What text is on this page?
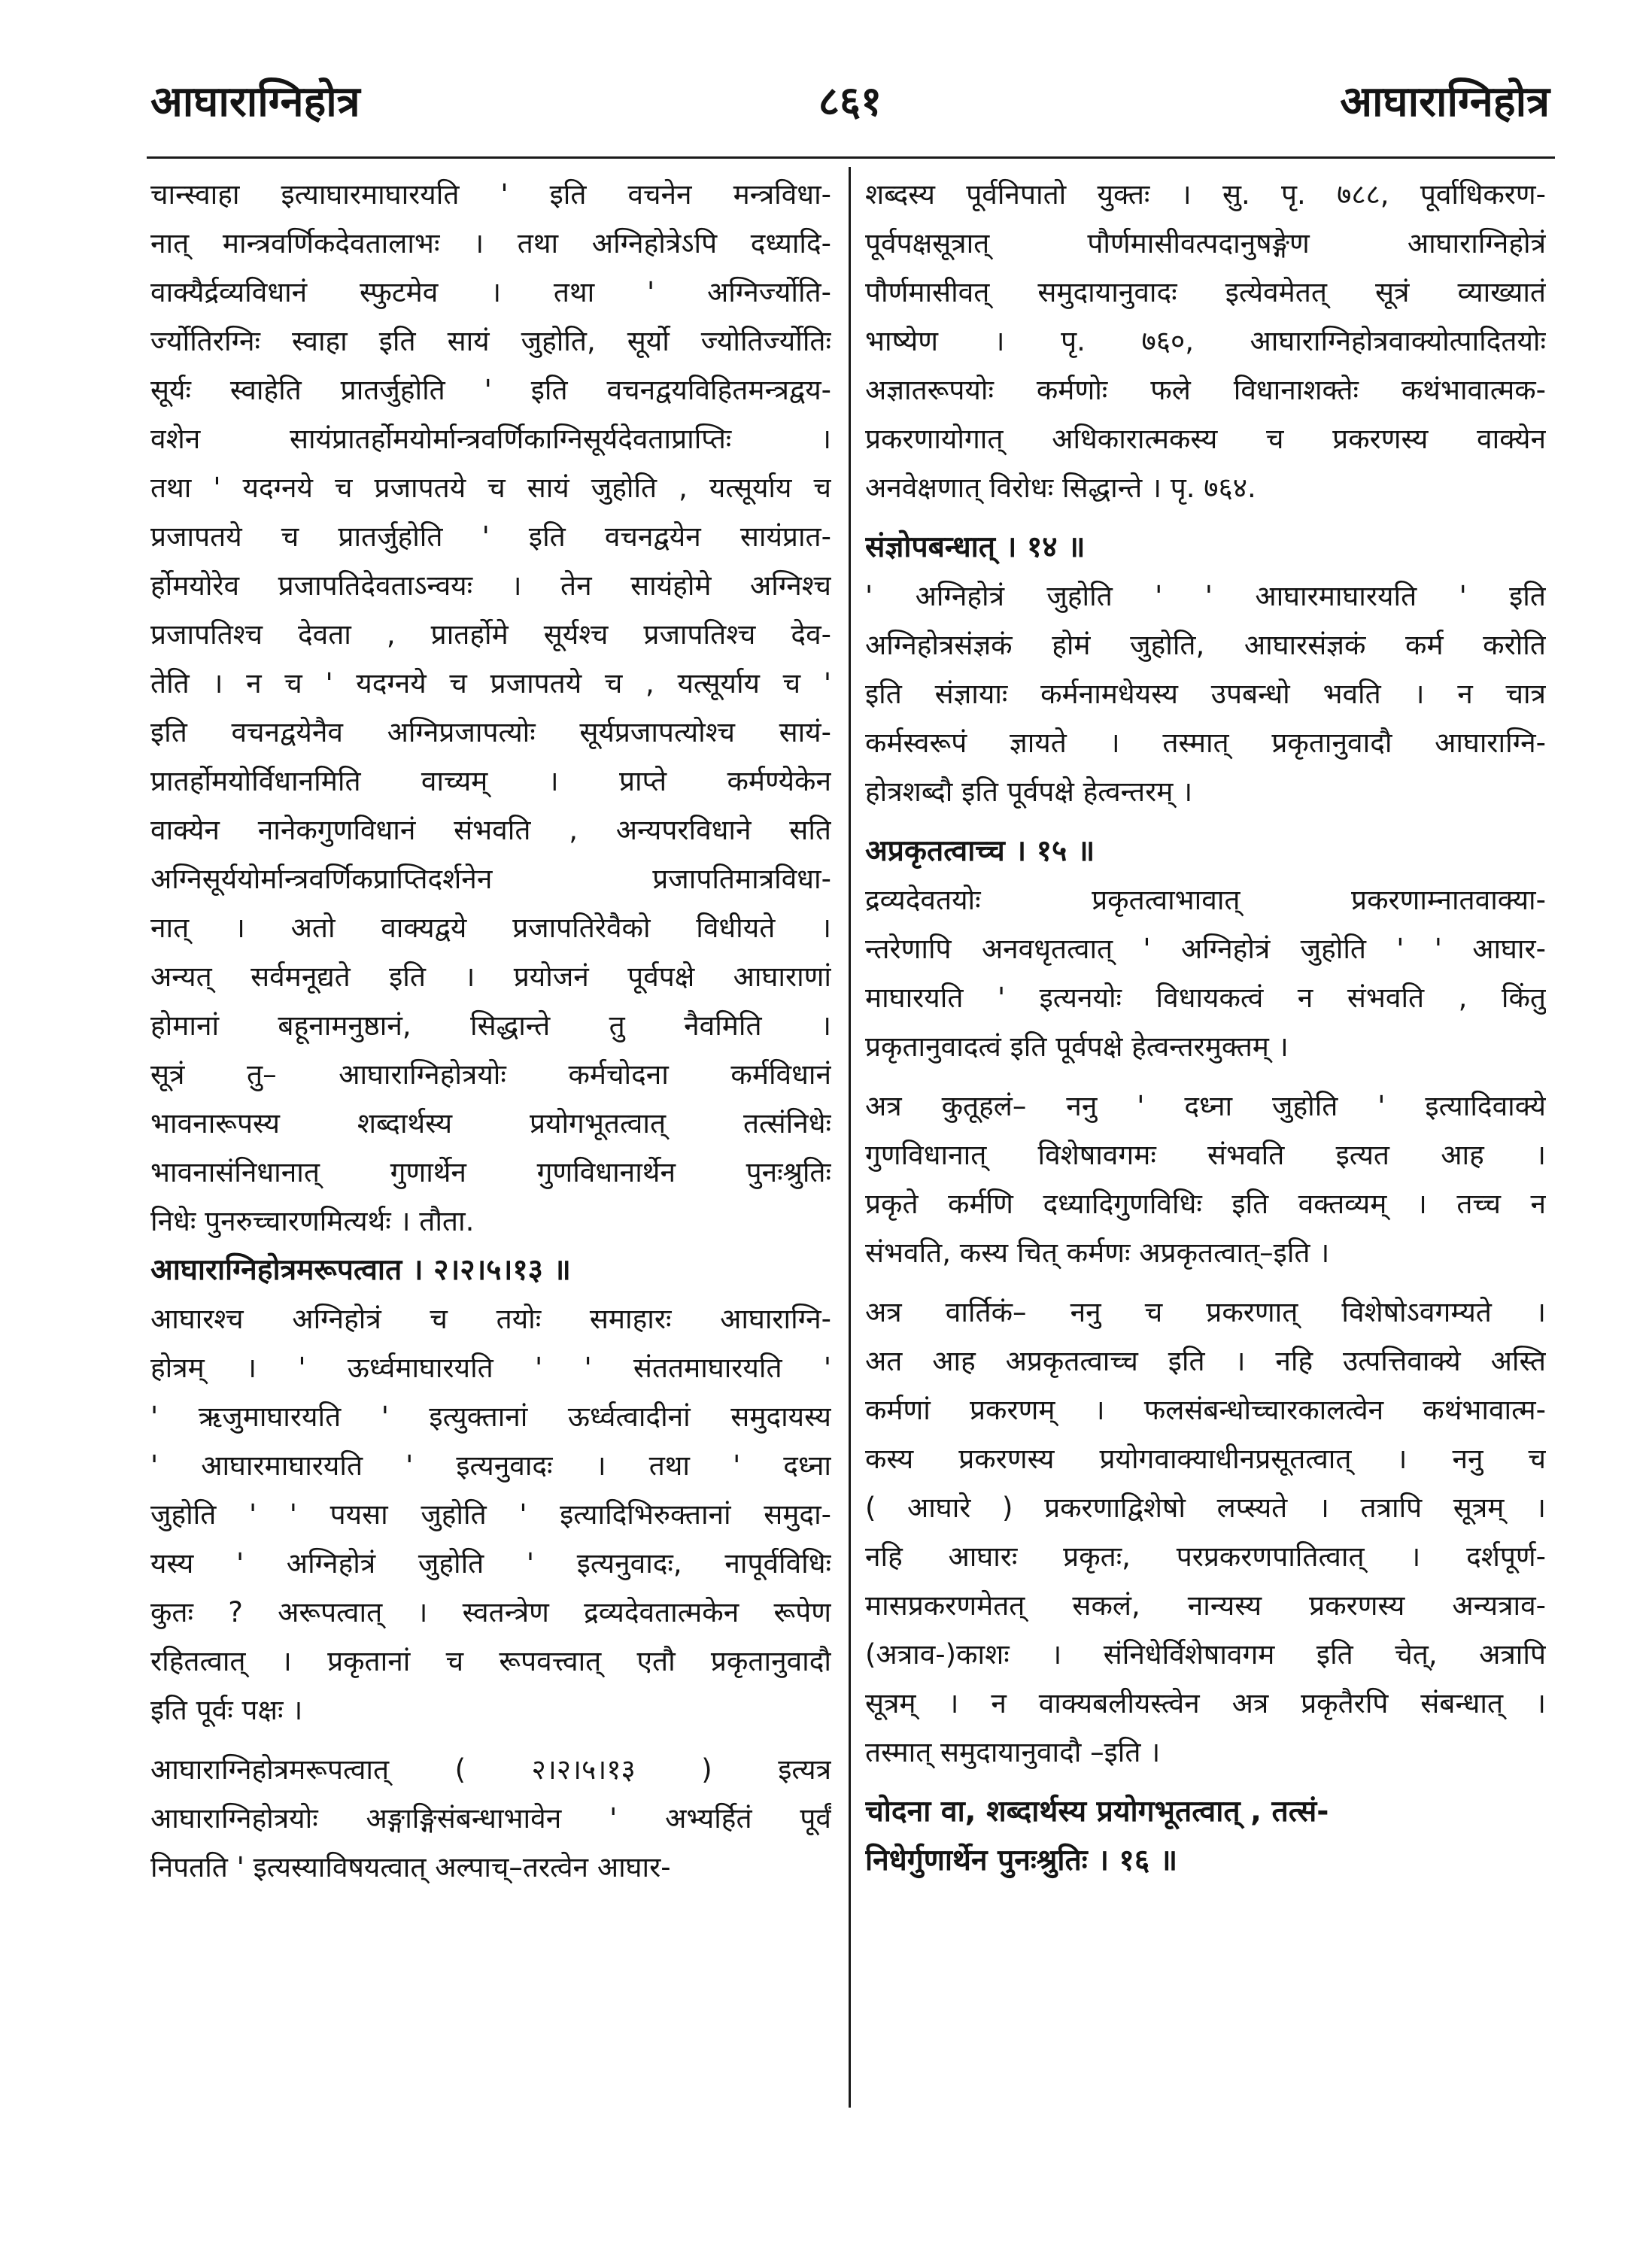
आघाराग्निहोत्र	८६१	आघाराग्निहोत्र
चान्स्वाहा इत्याघारमाघारयति ' इति वचनेन मन्त्रविधा-
नात् मान्त्रवर्णिकदेवतालाभः । तथा अग्निहोत्रेऽपि दध्यादि-
वाक्यैर्द्रव्यविधानं स्फुटमेव । तथा ' अग्निर्ज्योति-
र्ज्योतिरग्निः स्वाहा इति सायं जुहोति, सूर्यो ज्योतिर्ज्योतिः
सूर्यः स्वाहेति प्रातर्जुहोति ' इति वचनद्वयविहितमन्त्रद्वय-
वशेन सायंप्रातर्होमयोर्मान्त्रवर्णिकाग्निसूर्यदेवताप्राप्तिः ।
तथा ' यदग्नये च प्रजापतये च सायं जुहोति , यत्सूर्याय च
प्रजापतये च प्रातर्जुहोति ' इति वचनद्वयेन सायंप्रात-
र्होमयोरेव प्रजापतिदेवताऽन्वयः । तेन सायंहोमे अग्निश्च
प्रजापतिश्च देवता , प्रातर्होमे सूर्यश्च प्रजापतिश्च देव-
तेति । न च ' यदग्नये च प्रजापतये च , यत्सूर्याय च '
इति वचनद्वयेनैव अग्निप्रजापत्योः सूर्यप्रजापत्योश्च सायं-
प्रातर्होमयोर्विधानमिति वाच्यम् । प्राप्ते कर्मण्येकेन
वाक्येन नानेकगुणविधानं संभवति , अन्यपरविधाने सति
अग्निसूर्ययोर्मान्त्रवर्णिकप्राप्तिदर्शनेन प्रजापतिमात्रविधा-
नात् । अतो वाक्यद्वये प्रजापतिरेवैको विधीयते ।
अन्यत् सर्वमनूद्यते इति । प्रयोजनं पूर्वपक्षे आघाराणां
होमानां बहूनामनुष्ठानं, सिद्धान्ते तु नैवमिति ।
सूत्रं तु– आघाराग्निहोत्रयोः कर्मचोदना कर्मविधानं
भावनारूपस्य शब्दार्थस्य प्रयोगभूतत्वात् तत्संनिधेः
भावनासंनिधानात् गुणार्थेन गुणविधानार्थेन पुनःश्रुतिः
निधेः पुनरुच्चारणमित्यर्थः । तौता.
आघाराग्निहोत्रमरूपत्वात । २।२।५।१३ ॥
आघारश्च अग्निहोत्रं च तयोः समाहारः आघाराग्नि-
होत्रम् । ' ऊर्ध्वमाघारयति ' ' संततमाघारयति '
' ऋजुमाघारयति ' इत्युक्तानां ऊर्ध्वत्वादीनां समुदायस्य
' आघारमाघारयति ' इत्यनुवादः । तथा ' दध्ना
जुहोति ' ' पयसा जुहोति ' इत्यादिभिरुक्तानां समुदा-
यस्य ' अग्निहोत्रं जुहोति ' इत्यनुवादः, नापूर्वविधिः
कुतः ? अरूपत्वात् । स्वतन्त्रेण द्रव्यदेवतात्मकेन रूपेण
रहितत्वात् । प्रकृतानां च रूपवत्त्वात् एतौ प्रकृतानुवादौ
इति पूर्वः पक्षः ।
आघाराग्निहोत्रमरूपत्वात् ( २।२।५।१३ ) इत्यत्र
आघाराग्निहोत्रयोः अङ्गाङ्गिसंबन्धाभावेन ' अभ्यर्हितं पूर्वं
निपतति ' इत्यस्याविषयत्वात् अल्पाच्–तरत्वेन आघार-
शब्दस्य पूर्वनिपातो युक्तः । सु. पृ. ७८८, पूर्वाधिकरण-
पूर्वपक्षसूत्रात् पौर्णमासीवत्पदानुषङ्गेण आघाराग्निहोत्रं
पौर्णमासीवत् समुदायानुवादः इत्येवमेतत् सूत्रं व्याख्यातं
भाष्येण । पृ. ७६०, आघाराग्निहोत्रवाक्योत्पादितयोः
अज्ञातरूपयोः कर्मणोः फले विधानाशक्तेः कथंभावात्मक-
प्रकरणायोगात् अधिकारात्मकस्य च प्रकरणस्य वाक्येन
अनवेक्षणात् विरोधः सिद्धान्ते । पृ. ७६४.
संज्ञोपबन्धात् । १४ ॥
' अग्निहोत्रं जुहोति ' ' आघारमाघारयति ' इति
अग्निहोत्रसंज्ञकं होमं जुहोति, आघारसंज्ञकं कर्म करोति
इति संज्ञायाः कर्मनामधेयस्य उपबन्धो भवति । न चात्र
कर्मस्वरूपं ज्ञायते । तस्मात् प्रकृतानुवादौ आघाराग्नि-
होत्रशब्दौ इति पूर्वपक्षे हेत्वन्तरम् ।
अप्रकृतत्वाच्च । १५ ॥
द्रव्यदेवतयोः प्रकृतत्वाभावात् प्रकरणाम्नातवाक्या-
न्तरेणापि अनवधृतत्वात् ' अग्निहोत्रं जुहोति ' ' आघार-
माघारयति ' इत्यनयोः विधायकत्वं न संभवति , किंतु
प्रकृतानुवादत्वं इति पूर्वपक्षे हेत्वन्तरमुक्तम् ।
अत्र कुतूहलं– ननु ' दध्ना जुहोति ' इत्यादिवाक्ये
गुणविधानात् विशेषावगमः संभवति इत्यत आह ।
प्रकृते कर्मणि दध्यादिगुणविधिः इति वक्तव्यम् । तच्च न
संभवति, कस्य चित् कर्मणः अप्रकृतत्वात्–इति ।
अत्र वार्तिकं– ननु च प्रकरणात् विशेषोऽवगम्यते ।
अत आह अप्रकृतत्वाच्च इति । नहि उत्पत्तिवाक्ये अस्ति
कर्मणां प्रकरणम् । फलसंबन्धोच्चारकालत्वेन कथंभावात्म-
कस्य प्रकरणस्य प्रयोगवाक्याधीनप्रसूतत्वात् । ननु च
( आघारे ) प्रकरणाद्विशेषो लप्स्यते । तत्रापि सूत्रम् ।
नहि आघारः प्रकृतः, परप्रकरणपातित्वात् । दर्शपूर्ण-
मासप्रकरणमेतत् सकलं, नान्यस्य प्रकरणस्य अन्यत्राव-
(अत्राव-)काशः । संनिधेर्विशेषावगम इति चेत्, अत्रापि
सूत्रम् । न वाक्यबलीयस्त्वेन अत्र प्रकृतैरपि संबन्धात् ।
तस्मात् समुदायानुवादौ –इति ।
चोदना वा, शब्दार्थस्य प्रयोगभूतत्वात् , तत्सं-
निधेर्गुणार्थेन पुनःश्रुतिः । १६ ॥
